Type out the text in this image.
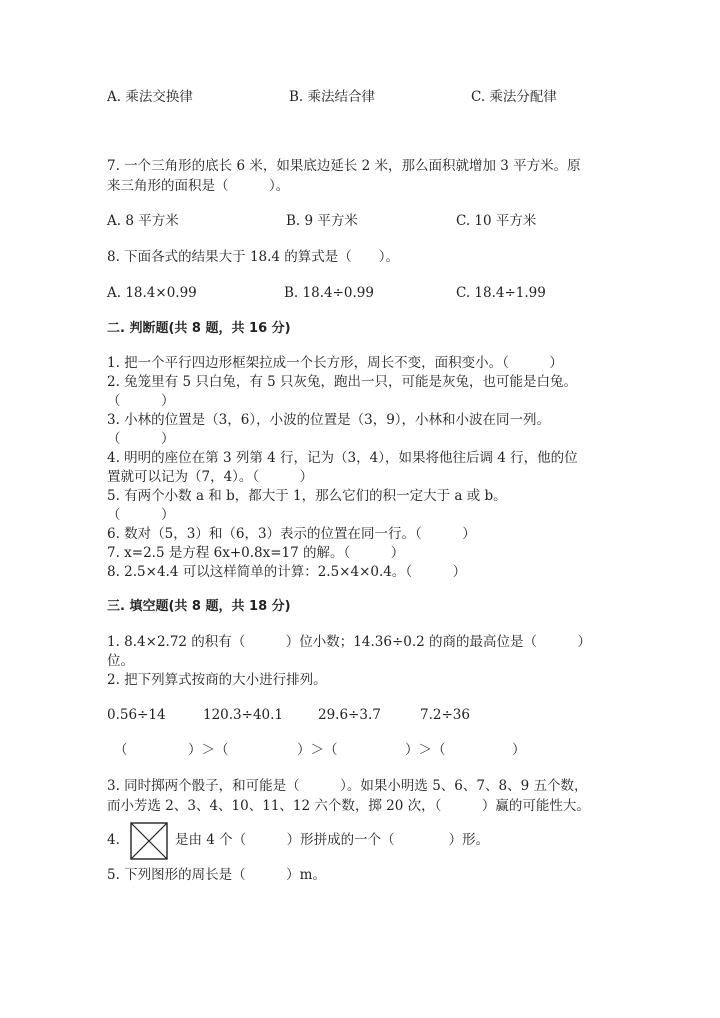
A. 乘法交换律	B. 乘法结合律	C. 乘法分配律
7. 一个三角形的底长 6 米，如果底边延长 2 米，那么面积就增加 3 平方米。原
来三角形的面积是（　　　）。
A. 8 平方米	B. 9 平方米	C. 10 平方米
8. 下面各式的结果大于 18.4 的算式是（　　）。
A. 18.4×0.99	B. 18.4÷0.99	C. 18.4÷1.99
二. 判断题(共 8 题，共 16 分)
1. 把一个平行四边形框架拉成一个长方形，周长不变，面积变小。（　　　）
2. 兔笼里有 5 只白兔，有 5 只灰兔，跑出一只，可能是灰兔，也可能是白兔。
（　　　）
3. 小林的位置是（3，6），小波的位置是（3，9），小林和小波在同一列。
（　　　）
4. 明明的座位在第 3 列第 4 行，记为（3，4），如果将他往后调 4 行，他的位
置就可以记为（7，4）。（　　　）
5. 有两个小数 a 和 b，都大于 1，那么它们的积一定大于 a 或 b。
（　　　）
6. 数对（5，3）和（6，3）表示的位置在同一行。（　　　）
7. x=2.5 是方程 6x+0.8x=17 的解。（　　　）
8. 2.5×4.4 可以这样简单的计算：2.5×4×0.4。（　　　）
三. 填空题(共 8 题，共 18 分)
1. 8.4×2.72 的积有（　　　）位小数；14.36÷0.2 的商的最高位是（　　　）
位。
2. 把下列算式按商的大小进行排列。
0.56÷14	120.3÷40.1	29.6÷3.7	7.2÷36
（	）＞（	）＞（	）＞（	）
3. 同时掷两个骰子，和可能是（　　　）。如果小明选 5、6、7、8、9 五个数，
而小芳选 2、3、4、10、11、12 六个数，掷 20 次，（　　　）赢的可能性大。
4.	是由 4 个（　　　）形拼成的一个（　　　　）形。
5. 下列图形的周长是（　　　）m。
